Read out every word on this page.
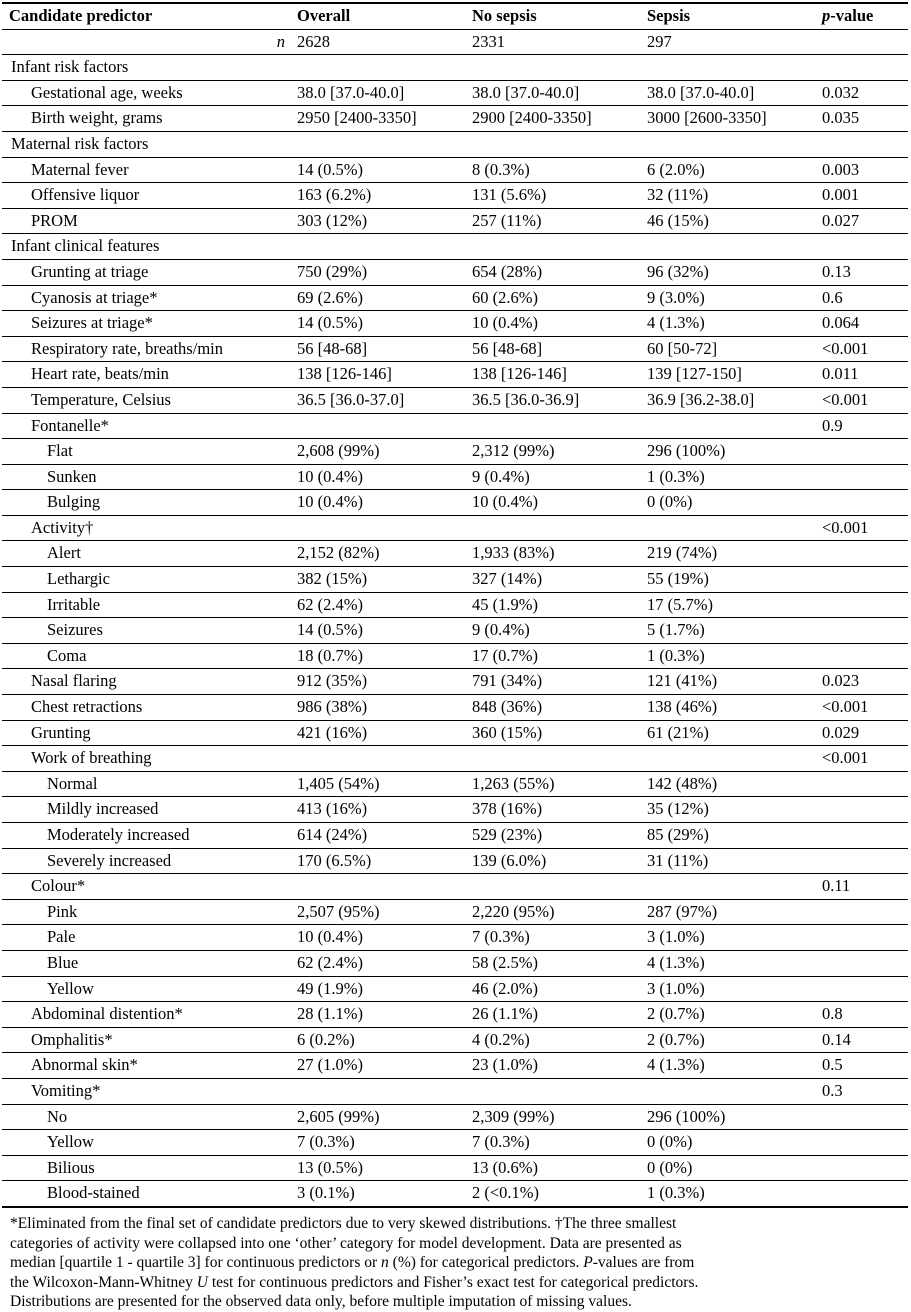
Candidate predictor	Overall	No sepsis	Sepsis	p-value
n	2628	2331	297	
Infant risk factors				
Gestational age, weeks	38.0 [37.0-40.0]	38.0 [37.0-40.0]	38.0 [37.0-40.0]	0.032
Birth weight, grams	2950 [2400-3350]	2900 [2400-3350]	3000 [2600-3350]	0.035
Maternal risk factors				
Maternal fever	14 (0.5%)	8 (0.3%)	6 (2.0%)	0.003
Offensive liquor	163 (6.2%)	131 (5.6%)	32 (11%)	0.001
PROM	303 (12%)	257 (11%)	46 (15%)	0.027
Infant clinical features				
Grunting at triage	750 (29%)	654 (28%)	96 (32%)	0.13
Cyanosis at triage*	69 (2.6%)	60 (2.6%)	9 (3.0%)	0.6
Seizures at triage*	14 (0.5%)	10 (0.4%)	4 (1.3%)	0.064
Respiratory rate, breaths/min	56 [48-68]	56 [48-68]	60 [50-72]	<0.001
Heart rate, beats/min	138 [126-146]	138 [126-146]	139 [127-150]	0.011
Temperature, Celsius	36.5 [36.0-37.0]	36.5 [36.0-36.9]	36.9 [36.2-38.0]	<0.001
Fontanelle*				0.9
Flat	2,608 (99%)	2,312 (99%)	296 (100%)	
Sunken	10 (0.4%)	9 (0.4%)	1 (0.3%)	
Bulging	10 (0.4%)	10 (0.4%)	0 (0%)	
Activity†				<0.001
Alert	2,152 (82%)	1,933 (83%)	219 (74%)	
Lethargic	382 (15%)	327 (14%)	55 (19%)	
Irritable	62 (2.4%)	45 (1.9%)	17 (5.7%)	
Seizures	14 (0.5%)	9 (0.4%)	5 (1.7%)	
Coma	18 (0.7%)	17 (0.7%)	1 (0.3%)	
Nasal flaring	912 (35%)	791 (34%)	121 (41%)	0.023
Chest retractions	986 (38%)	848 (36%)	138 (46%)	<0.001
Grunting	421 (16%)	360 (15%)	61 (21%)	0.029
Work of breathing				<0.001
Normal	1,405 (54%)	1,263 (55%)	142 (48%)	
Mildly increased	413 (16%)	378 (16%)	35 (12%)	
Moderately increased	614 (24%)	529 (23%)	85 (29%)	
Severely increased	170 (6.5%)	139 (6.0%)	31 (11%)	
Colour*				0.11
Pink	2,507 (95%)	2,220 (95%)	287 (97%)	
Pale	10 (0.4%)	7 (0.3%)	3 (1.0%)	
Blue	62 (2.4%)	58 (2.5%)	4 (1.3%)	
Yellow	49 (1.9%)	46 (2.0%)	3 (1.0%)	
Abdominal distention*	28 (1.1%)	26 (1.1%)	2 (0.7%)	0.8
Omphalitis*	6 (0.2%)	4 (0.2%)	2 (0.7%)	0.14
Abnormal skin*	27 (1.0%)	23 (1.0%)	4 (1.3%)	0.5
Vomiting*				0.3
No	2,605 (99%)	2,309 (99%)	296 (100%)	
Yellow	7 (0.3%)	7 (0.3%)	0 (0%)	
Bilious	13 (0.5%)	13 (0.6%)	0 (0%)	
Blood-stained	3 (0.1%)	2 (<0.1%)	1 (0.3%)	
*Eliminated from the final set of candidate predictors due to very skewed distributions. †The three smallest
categories of activity were collapsed into one ‘other’ category for model development. Data are presented as
median [quartile 1 - quartile 3] for continuous predictors or n (%) for categorical predictors. P-values are from
the Wilcoxon-Mann-Whitney U test for continuous predictors and Fisher’s exact test for categorical predictors.
Distributions are presented for the observed data only, before multiple imputation of missing values.
